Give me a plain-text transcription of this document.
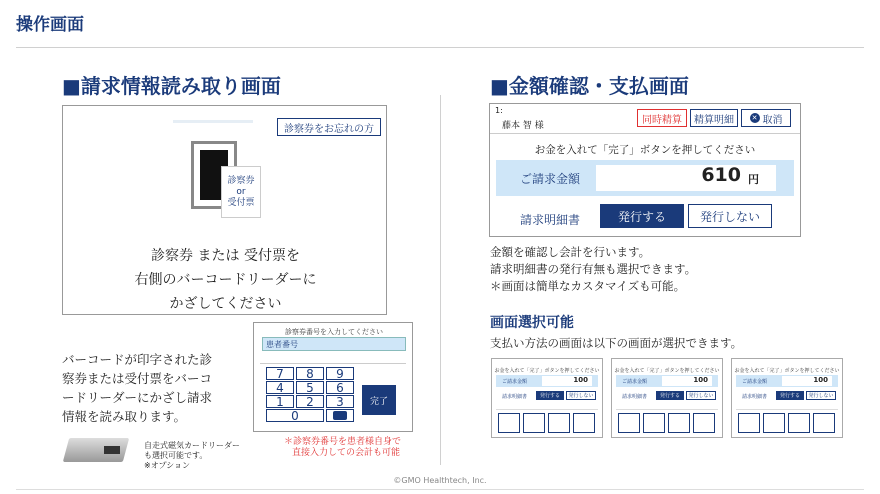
操作画面
■請求情報読み取り画面
診察券をお忘れの方
診察券
or
受付票
診察券 または 受付票を
右側のバーコードリーダーに
かざしてください
バーコードが印字された診
察券または受付票をバーコ
ードリーダーにかざし請求
情報を読み取ります。
自走式磁気カードリーダー
も選択可能です。
※オプション
診察券番号を入力してください
患者番号
7	8	9
4	5	6
1	2	3
0
完了
＊診察券番号を患者様自身で
直接入力しての会計も可能
■金額確認・支払画面
1:
藤本 智 様
同時精算	精算明細	✕ 取消
お金を入れて「完了」ボタンを押してください
ご請求金額	610 円
請求明細書	発行する	発行しない
金額を確認し会計を行います。
請求明細書の発行有無も選択できます。
＊画面は簡単なカスタマイズも可能。
画面選択可能
支払い方法の画面は以下の画面が選択できます。
お金を入れて「完了」ボタンを押してください
ご請求金額	100
請求明細書	発行する	発行しない
お金を入れて「完了」ボタンを押してください
ご請求金額	100
請求明細書	発行する	発行しない
お金を入れて「完了」ボタンを押してください
ご請求金額	100
請求明細書	発行する	発行しない
©GMO Healthtech, Inc.
